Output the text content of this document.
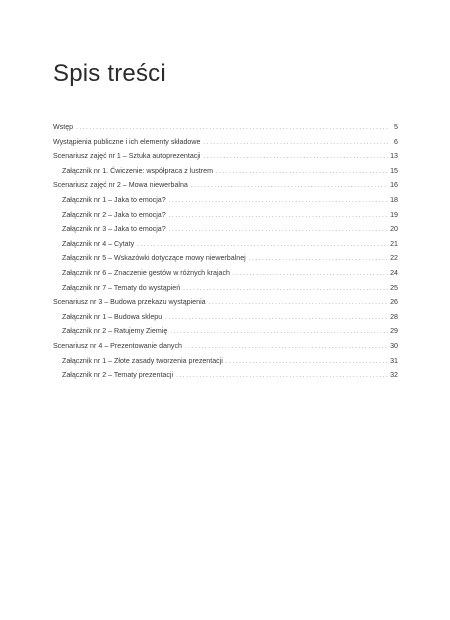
Spis treści
Wstęp . . .	5
Wystąpienia publiczne i ich elementy składowe . . .	6
Scenariusz zajęć nr 1 – Sztuka autoprezentacji . . .	13
Załącznik nr 1. Ćwiczenie: współpraca z lustrem . . .	15
Scenariusz zajęć nr 2 – Mowa niewerbalna . . .	16
Załącznik nr 1 – Jaka to emocja? . . .	18
Załącznik nr 2 – Jaka to emocja? . . .	19
Załącznik nr 3 – Jaka to emocja? . . .	20
Załącznik nr 4 – Cytaty . . .	21
Załącznik nr 5 – Wskazówki dotyczące mowy niewerbalnej . . .	22
Załącznik nr 6 – Znaczenie gestów w różnych krajach . . .	24
Załącznik nr 7 – Tematy do wystąpień . . .	25
Scenariusz nr 3 – Budowa przekazu wystąpienia . . .	26
Załącznik nr 1 – Budowa sklepu . . .	28
Załącznik nr 2 – Ratujemy Ziemię . . .	29
Scenariusz nr 4 – Prezentowanie danych . . .	30
Załącznik nr 1 – Złote zasady tworzenia prezentacji . . .	31
Załącznik nr 2 – Tematy prezentacji . . .	32
